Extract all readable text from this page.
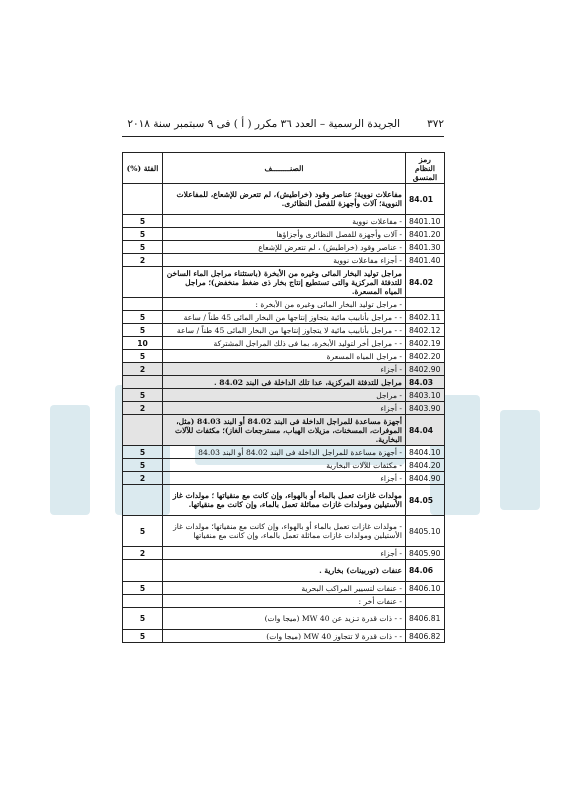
٣٧٢
الجريدة الرسمية – العدد ٣٦ مكرر ( أ ) فى ٩ سبتمبر سنة ٢٠١٨
رمز النظام المنسق	الصنــــــــف	الفئة (%)
84.01	مفاعلات نووية؛ عناصر وقود (خراطيش)، لم تتعرض للإشعاع، للمفاعلات النووية؛ آلات وأجهزة للفصل النظائرى.	
8401.10	- مفاعلات نووية	5
8401.20	- آلات وأجهزة للفصل النظائرى وأجزاؤها	5
8401.30	- عناصر وقود (خراطيش) ، لم تتعرض للإشعاع	5
8401.40	- أجزاء مفاعلات نووية	2
84.02	مراجل توليد البخار المائى وغيره من الأبخرة (باستثناء مراجل الماء الساخن للتدفئة المركزية والتى تستطيع إنتاج بخار ذى ضغط منخفض)؛ مراجل المياه المسعرة.	
	- مراجل توليد البخار المائى وغيره من الأبخرة :	
8402.11	- - مراجل بأنابيب مائية يتجاوز إنتاجها من البخار المائى 45 طناً / ساعة	5
8402.12	- - مراجل بأنابيب مائية لا يتجاوز إنتاجها من البخار المائى 45 طناً / ساعة	5
8402.19	- - مراجل أخر لتوليد الأبخرة، بما فى ذلك المراجل المشتركة	10
8402.20	- مراجل المياه المسعرة	5
8402.90	- أجزاء	2
84.03	مراجل للتدفئة المركزية، عدا تلك الداخلة فى البند 84.02 .	
8403.10	- مراجل	5
8403.90	- أجزاء	2
84.04	أجهزة مساعدة للمراجل الداخلة فى البند 84.02 أو البند 84.03 (مثل، الموفرات، المسخنات، مزيلات الهباب، مسترجعات الغاز)؛ مكثفات للآلات البخارية.	
8404.10	- أجهزة مساعدة للمراجل الداخلة فى البند 84.02 أو البند 84.03	5
8404.20	- مكثفات للآلات البخارية	5
8404.90	- أجزاء	2
84.05	مولدات غازات تعمل بالماء أو بالهواء، وإن كانت مع منقياتها ؛ مولدات غاز الأستيلين ومولدات غازات مماثلة تعمل بالماء، وإن كانت مع منقياتها.	
8405.10	- مولدات غازات تعمل بالماء أو بالهواء، وإن كانت مع منقياتها؛ مولدات غاز الأستيلين ومولدات غازات مماثلة تعمل بالماء، وإن كانت مع منقياتها	5
8405.90	- أجزاء	2
84.06	عنفات (توربينات) بخارية .	
8406.10	- عنفات لتسيير المراكب البحرية	5
	- عنفات أخر :	
8406.81	- - ذات قدرة تـزيد عن 40 MW (ميجا وات)	5
8406.82	- - ذات قدرة لا تتجاوز 40 MW (ميجا وات)	5
